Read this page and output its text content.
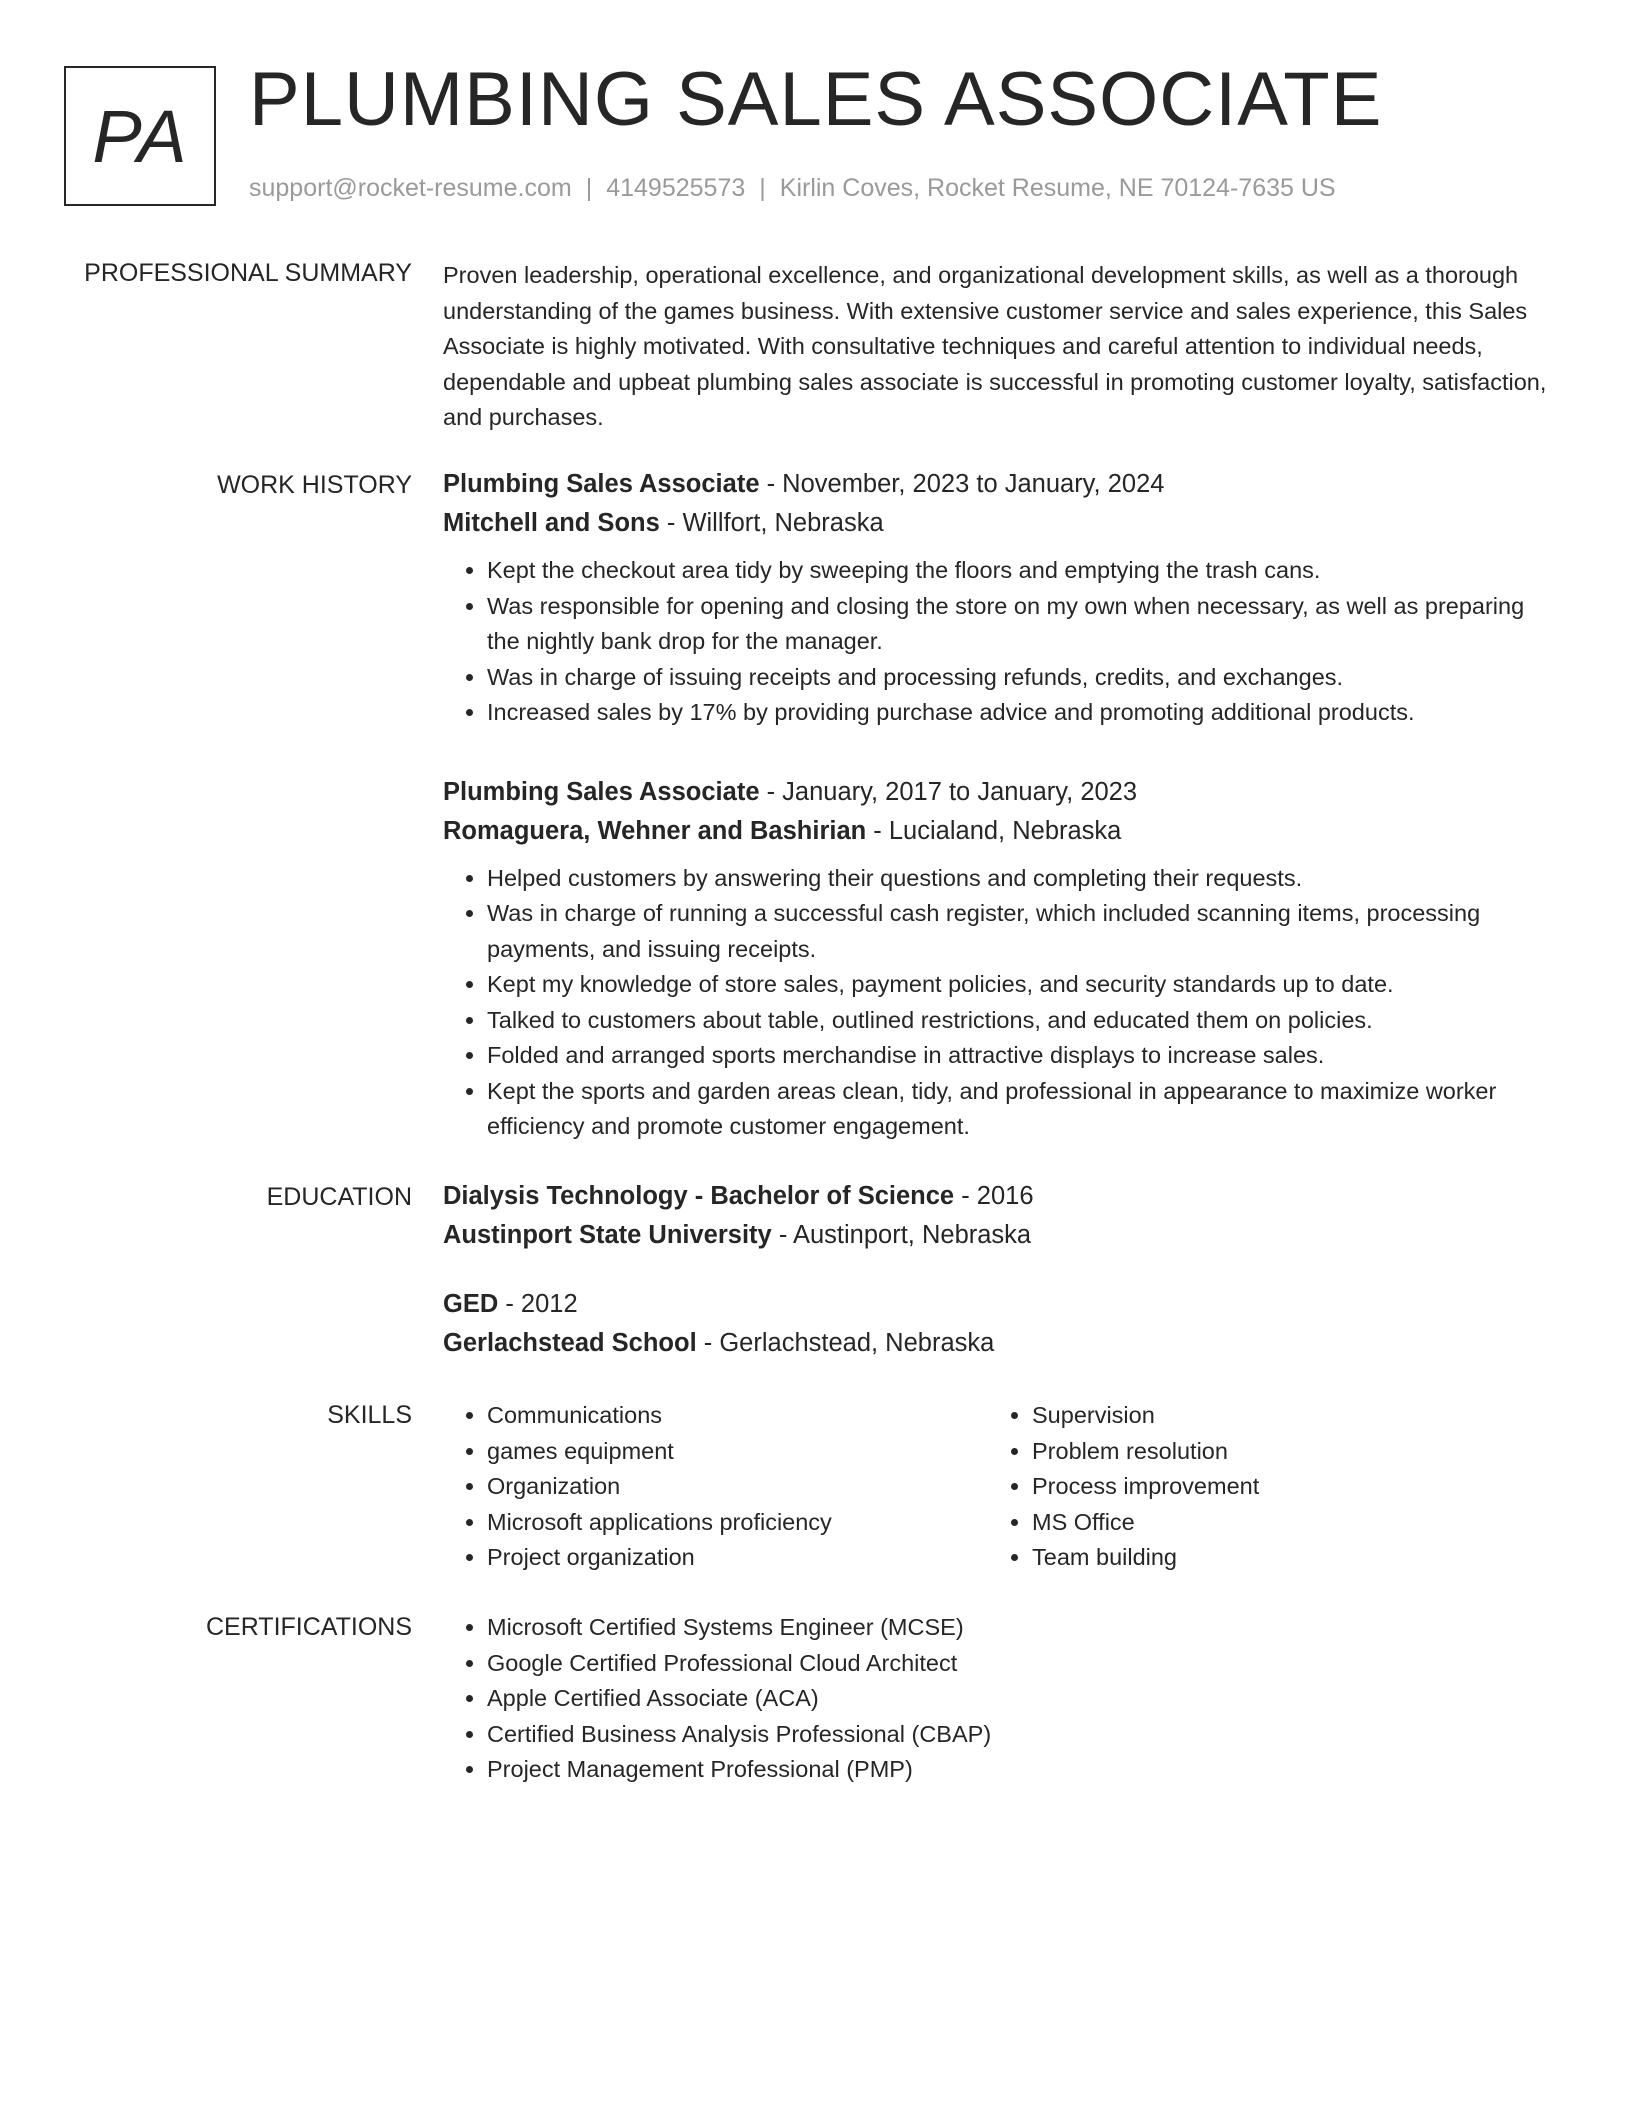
PA PLUMBING SALES ASSOCIATE
support@rocket-resume.com | 4149525573 | Kirlin Coves, Rocket Resume, NE 70124-7635 US
PROFESSIONAL SUMMARY Proven leadership, operational excellence, and organizational development skills, as well as a thorough understanding of the games business. With extensive customer service and sales experience, this Sales Associate is highly motivated. With consultative techniques and careful attention to individual needs, dependable and upbeat plumbing sales associate is successful in promoting customer loyalty, satisfaction, and purchases.

WORK HISTORY Plumbing Sales Associate - November, 2023 to January, 2024
Mitchell and Sons - Willfort, Nebraska
• Kept the checkout area tidy by sweeping the floors and emptying the trash cans.
• Was responsible for opening and closing the store on my own when necessary, as well as preparing the nightly bank drop for the manager.
• Was in charge of issuing receipts and processing refunds, credits, and exchanges.
• Increased sales by 17% by providing purchase advice and promoting additional products.
Plumbing Sales Associate - January, 2017 to January, 2023
Romaguera, Wehner and Bashirian - Lucialand, Nebraska
• Helped customers by answering their questions and completing their requests.
• Was in charge of running a successful cash register, which included scanning items, processing payments, and issuing receipts.
• Kept my knowledge of store sales, payment policies, and security standards up to date.
• Talked to customers about table, outlined restrictions, and educated them on policies.
• Folded and arranged sports merchandise in attractive displays to increase sales.
• Kept the sports and garden areas clean, tidy, and professional in appearance to maximize worker efficiency and promote customer engagement.
EDUCATION Dialysis Technology - Bachelor of Science - 2016
Austinport State University - Austinport, Nebraska
GED - 2012
Gerlachstead School - Gerlachstead, Nebraska
SKILLS	• Communications
• games equipment
• Organization
• Microsoft applications proficiency
• Project organization
• Supervision
• Problem resolution
• Process improvement
• MS Office
• Team building
CERTIFICATIONS	• Microsoft Certified Systems Engineer (MCSE)
• Google Certified Professional Cloud Architect
• Apple Certified Associate (ACA)
• Certified Business Analysis Professional (CBAP)
• Project Management Professional (PMP)
